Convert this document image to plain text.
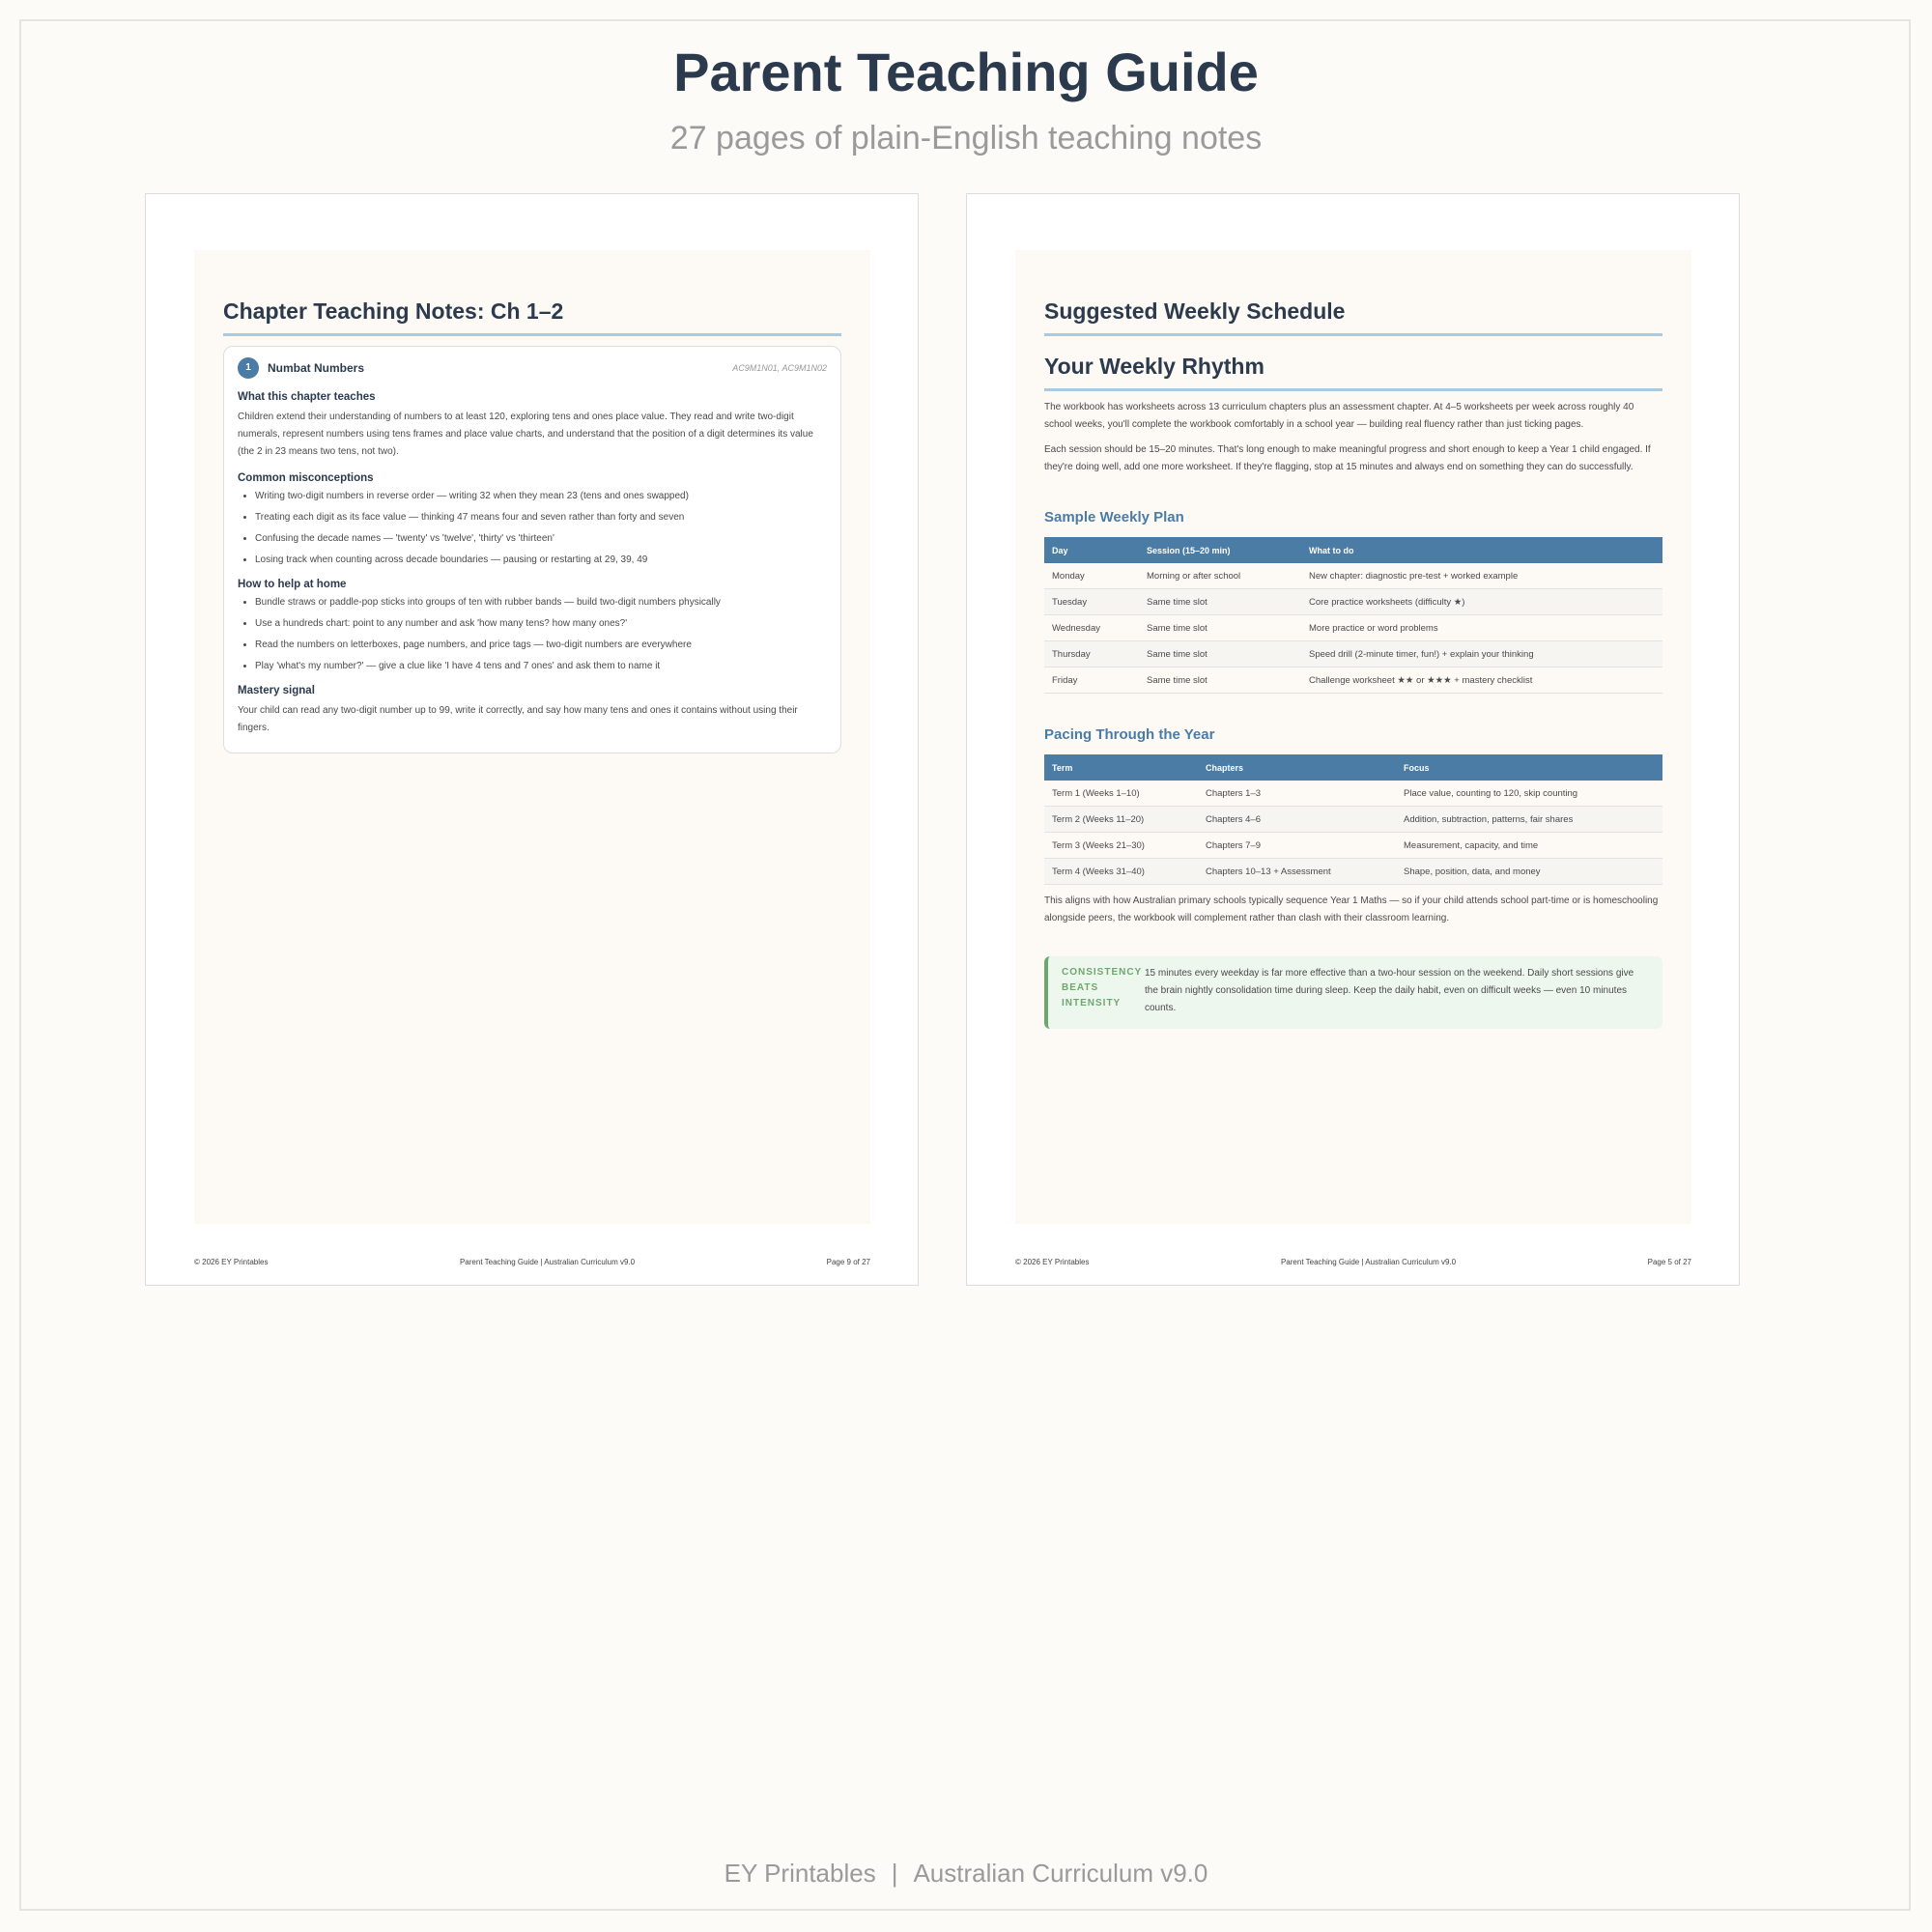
Parent Teaching Guide
27 pages of plain-English teaching notes
Chapter Teaching Notes: Ch 1–2
1	Numbat Numbers	AC9M1N01, AC9M1N02
What this chapter teaches

Children extend their understanding of numbers to at least 120, exploring tens and ones place value. They read and write two-digit numerals, represent numbers using tens frames and place value charts, and understand that the position of a digit determines its value (the 2 in 23 means two tens, not two).

Common misconceptions
• Writing two-digit numbers in reverse order — writing 32 when they mean 23 (tens and ones swapped)
• Treating each digit as its face value — thinking 47 means four and seven rather than forty and seven
• Confusing the decade names — 'twenty' vs 'twelve', 'thirty' vs 'thirteen'
• Losing track when counting across decade boundaries — pausing or restarting at 29, 39, 49
How to help at home
• Bundle straws or paddle-pop sticks into groups of ten with rubber bands — build two-digit numbers physically
• Use a hundreds chart: point to any number and ask 'how many tens? how many ones?'
• Read the numbers on letterboxes, page numbers, and price tags — two-digit numbers are everywhere
• Play 'what's my number?' — give a clue like 'I have 4 tens and 7 ones' and ask them to name it
Mastery signal

Your child can read any two-digit number up to 99, write it correctly, and say how many tens and ones it contains without using their fingers.

© 2026 EY Printables	Parent Teaching Guide | Australian Curriculum v9.0	Page 9 of 27
Suggested Weekly Schedule
Your Weekly Rhythm

The workbook has worksheets across 13 curriculum chapters plus an assessment chapter. At 4–5 worksheets per week across roughly 40 school weeks, you'll complete the workbook comfortably in a school year — building real fluency rather than just ticking pages.

Each session should be 15–20 minutes. That's long enough to make meaningful progress and short enough to keep a Year 1 child engaged. If they're doing well, add one more worksheet. If they're flagging, stop at 15 minutes and always end on something they can do successfully.

Sample Weekly Plan
Day	Session (15–20 min)	What to do
Monday	Morning or after school	New chapter: diagnostic pre-test + worked example
Tuesday	Same time slot	Core practice worksheets (difficulty ★)
Wednesday	Same time slot	More practice or word problems
Thursday	Same time slot	Speed drill (2-minute timer, fun!) + explain your thinking
Friday	Same time slot	Challenge worksheet ★★ or ★★★ + mastery checklist
Pacing Through the Year
Term	Chapters	Focus
Term 1 (Weeks 1–10)	Chapters 1–3	Place value, counting to 120, skip counting
Term 2 (Weeks 11–20)	Chapters 4–6	Addition, subtraction, patterns, fair shares
Term 3 (Weeks 21–30)	Chapters 7–9	Measurement, capacity, and time
Term 4 (Weeks 31–40)	Chapters 10–13 + Assessment	Shape, position, data, and money

This aligns with how Australian primary schools typically sequence Year 1 Maths — so if your child attends school part-time or is homeschooling alongside peers, the workbook will complement rather than clash with their classroom learning.

CONSISTENCY
BEATS
INTENSITY
15 minutes every weekday is far more effective than a two-hour session on the weekend. Daily short sessions give the brain nightly consolidation time during sleep. Keep the daily habit, even on difficult weeks — even 10 minutes counts.
© 2026 EY Printables	Parent Teaching Guide | Australian Curriculum v9.0	Page 5 of 27
EY Printables | Australian Curriculum v9.0
